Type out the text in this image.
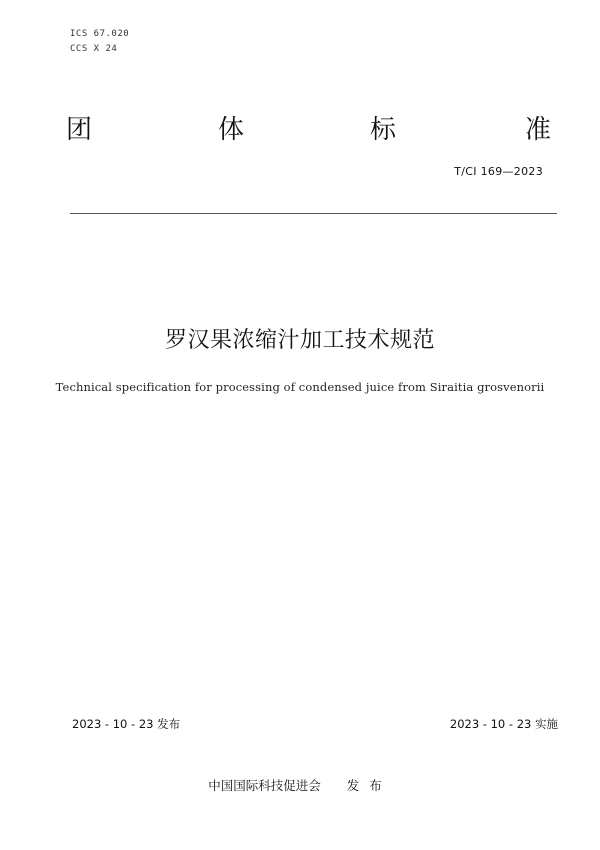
ICS 67.020
CCS X 24
团	体	标	准
T/CI 169—2023
罗汉果浓缩汁加工技术规范
Technical specification for processing of condensed juice from Siraitia grosvenorii
2023 - 10 - 23 发布	2023 - 10 - 23 实施
中国国际科技促进会 发布
